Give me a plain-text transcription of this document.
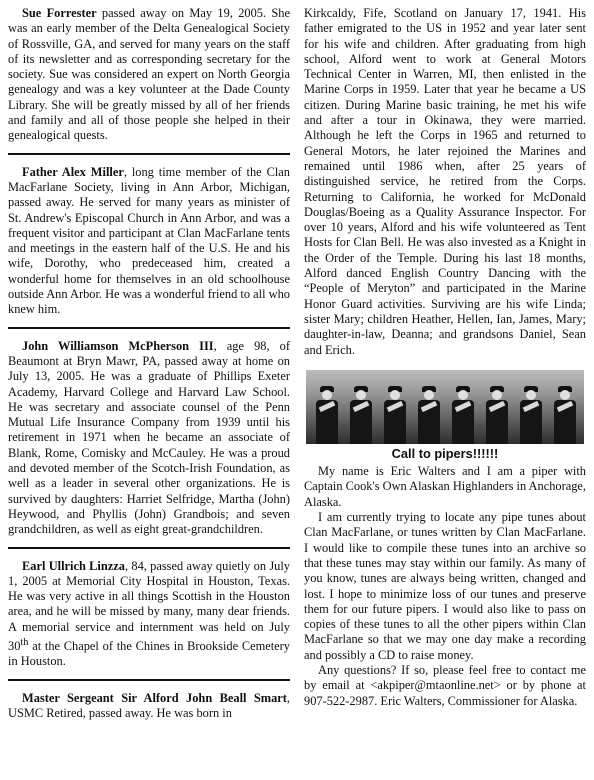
Sue Forrester passed away on May 19, 2005. She was an early member of the Delta Genealogical Society of Rossville, GA, and served for many years on the staff of its newsletter and as corresponding secretary for the society. Sue was considered an expert on North Georgia genealogy and was a key volunteer at the Dade County Library. She will be greatly missed by all of her friends and family and all of those people she helped in their genealogical quests.

Father Alex Miller, long time member of the Clan MacFarlane Society, living in Ann Arbor, Michigan, passed away. He served for many years as minister of St. Andrew's Episcopal Church in Ann Arbor, and was a frequent visitor and participant at Clan MacFarlane tents and meetings in the eastern half of the U.S. He and his wife, Dorothy, who predeceased him, created a wonderful home for themselves in an old schoolhouse outside Ann Arbor. He was a wonderful friend to all who knew him.

John Williamson McPherson III, age 98, of Beaumont at Bryn Mawr, PA, passed away at home on July 13, 2005. He was a graduate of Phillips Exeter Academy, Harvard College and Harvard Law School. He was secretary and associate counsel of the Penn Mutual Life Insurance Company from 1939 until his retirement in 1971 when he became an associate of Blank, Rome, Comisky and McCauley. He was a proud and devoted member of the Scotch-Irish Foundation, as well as a leader in several other organizations. He is survived by daughters: Harriet Selfridge, Martha (John) Heywood, and Phyllis (John) Grandbois; and seven grandchildren, as well as eight great-grandchildren.

Earl Ullrich Linzza, 84, passed away quietly on July 1, 2005 at Memorial City Hospital in Houston, Texas. He was very active in all things Scottish in the Houston area, and he will be missed by many, many dear friends. A memorial service and internment was held on July 30th at the Chapel of the Chines in Brookside Cemetery in Houston.

Master Sergeant Sir Alford John Beall Smart, USMC Retired, passed away. He was born in

Kirkcaldy, Fife, Scotland on January 17, 1941. His father emigrated to the US in 1952 and year later sent for his wife and children. After graduating from high school, Alford went to work at General Motors Technical Center in Warren, MI, then enlisted in the Marine Corps in 1959. Later that year he became a US citizen. During Marine basic training, he met his wife and after a tour in Okinawa, they were married. Although he left the Corps in 1965 and returned to General Motors, he later rejoined the Marines and remained until 1986 when, after 25 years of distinguished service, he retired from the Corps. Returning to California, he worked for McDonald Douglas/Boeing as a Quality Assurance Inspector. For over 10 years, Alford and his wife volunteered as Tent Hosts for Clan Bell. He was also invested as a Knight in the Order of the Temple. During his last 18 months, Alford danced English Country Dancing with the “People of Meryton” and participated in the Marine Honor Guard activities. Surviving are his wife Linda; sister Mary; children Heather, Hellen, Ian, James, Mary; daughter-in-law, Deanna; and grandsons Daniel, Sean and Erich.

Call to pipers!!!!!!

My name is Eric Walters and I am a piper with Captain Cook's Own Alaskan Highlanders in Anchorage, Alaska.

I am currently trying to locate any pipe tunes about Clan MacFarlane, or tunes written by Clan MacFarlane. I would like to compile these tunes into an archive so that these tunes may stay within our family. As many of you know, tunes are always being written, changed and lost. I hope to minimize loss of our tunes and preserve them for our future pipers. I would also like to pass on copies of these tunes to all the other pipers within Clan MacFarlane so that we may one day make a recording and possibly a CD to raise money.

Any questions? If so, please feel free to contact me by email at <akpiper@mtaonline.net> or by phone at 907-522-2987. Eric Walters, Commissioner for Alaska.
